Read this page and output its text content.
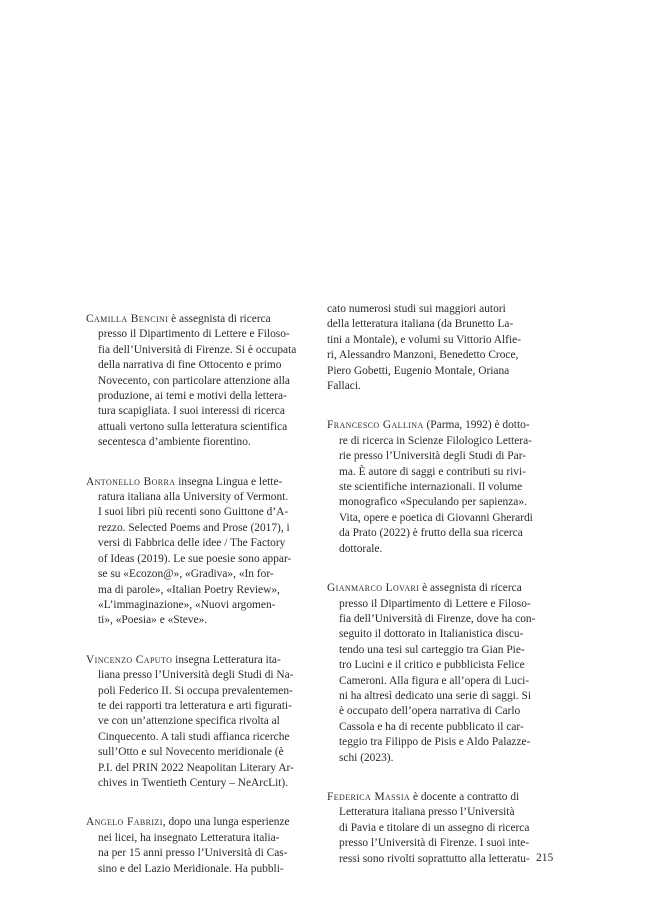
Camilla Bencini è assegnista di ricerca
presso il Dipartimento di Lettere e Filoso-
fia dell’Università di Firenze. Si è occupata
della narrativa di fine Ottocento e primo
Novecento, con particolare attenzione alla
produzione, ai temi e motivi della lettera-
tura scapigliata. I suoi interessi di ricerca
attuali vertono sulla letteratura scientifica
secentesca d’ambiente fiorentino.
Antonello Borra insegna Lingua e lette-
ratura italiana alla University of Vermont.
I suoi libri più recenti sono Guittone d’A-
rezzo. Selected Poems and Prose (2017), i
versi di Fabbrica delle idee / The Factory
of Ideas (2019). Le sue poesie sono appar-
se su «Ecozon@», «Gradiva», «In for-
ma di parole», «Italian Poetry Review»,
«L’immaginazione», «Nuovi argomen-
ti», «Poesia» e «Steve».
Vincenzo Caputo insegna Letteratura ita-
liana presso l’Università degli Studi di Na-
poli Federico II. Si occupa prevalentemen-
te dei rapporti tra letteratura e arti figurati-
ve con un’attenzione specifica rivolta al
Cinquecento. A tali studi affianca ricerche
sull’Otto e sul Novecento meridionale (è
P.I. del PRIN 2022 Neapolitan Literary Ar-
chives in Twentieth Century – NeArcLit).
Angelo Fabrizi, dopo una lunga esperienze
nei licei, ha insegnato Letteratura italia-
na per 15 anni presso l’Università di Cas-
sino e del Lazio Meridionale. Ha pubbli-
cato numerosi studi sui maggiori autori
della letteratura italiana (da Brunetto La-
tini a Montale), e volumi su Vittorio Alfie-
ri, Alessandro Manzoni, Benedetto Croce,
Piero Gobetti, Eugenio Montale, Oriana
Fallaci.
Francesco Gallina (Parma, 1992) è dotto-
re di ricerca in Scienze Filologico Lettera-
rie presso l’Università degli Studi di Par-
ma. È autore di saggi e contributi su rivi-
ste scientifiche internazionali. Il volume
monografico «Speculando per sapienza».
Vita, opere e poetica di Giovanni Gherardi
da Prato (2022) è frutto della sua ricerca
dottorale.
Gianmarco Lovari è assegnista di ricerca
presso il Dipartimento di Lettere e Filoso-
fia dell’Università di Firenze, dove ha con-
seguito il dottorato in Italianistica discu-
tendo una tesi sul carteggio tra Gian Pie-
tro Lucini e il critico e pubblicista Felice
Cameroni. Alla figura e all’opera di Luci-
ni ha altresì dedicato una serie di saggi. Si
è occupato dell’opera narrativa di Carlo
Cassola e ha di recente pubblicato il car-
teggio tra Filippo de Pisis e Aldo Palazze-
schi (2023).
Federica Massia è docente a contratto di
Letteratura italiana presso l’Università
di Pavia e titolare di un assegno di ricerca
presso l’Università di Firenze. I suoi inte-
ressi sono rivolti soprattutto alla letteratu- 215
